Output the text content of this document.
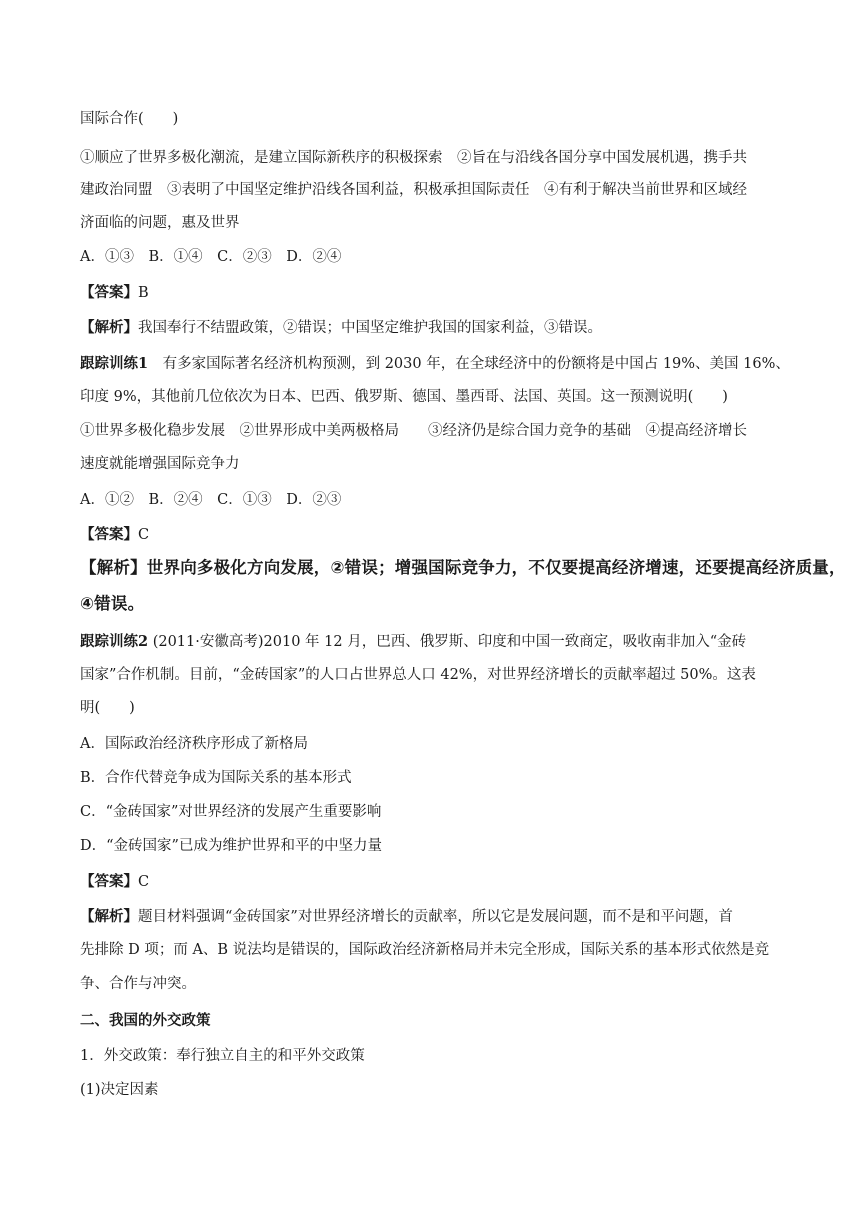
国际合作(　　)
①顺应了世界多极化潮流，是建立国际新秩序的积极探索　②旨在与沿线各国分享中国发展机遇，携手共
建政治同盟　③表明了中国坚定维护沿线各国利益，积极承担国际责任　④有利于解决当前世界和区域经
济面临的问题，惠及世界
A．①③　B．①④　C．②③　D．②④
【答案】B
【解析】我国奉行不结盟政策，②错误；中国坚定维护我国的国家利益，③错误。
跟踪训练1　有多家国际著名经济机构预测，到 2030 年，在全球经济中的份额将是中国占 19%、美国 16%、
印度 9%，其他前几位依次为日本、巴西、俄罗斯、德国、墨西哥、法国、英国。这一预测说明(　　)
①世界多极化稳步发展　②世界形成中美两极格局　　③经济仍是综合国力竞争的基础　④提高经济增长
速度就能增强国际竞争力
A．①②　B．②④　C．①③　D．②③
【答案】C
【解析】世界向多极化方向发展，②错误；增强国际竞争力，不仅要提高经济增速，还要提高经济质量，
④错误。
跟踪训练2 (2011·安徽高考)2010 年 12 月，巴西、俄罗斯、印度和中国一致商定，吸收南非加入“金砖
国家”合作机制。目前，“金砖国家”的人口占世界总人口 42%，对世界经济增长的贡献率超过 50%。这表
明(　　)
A．国际政治经济秩序形成了新格局
B．合作代替竞争成为国际关系的基本形式
C．“金砖国家”对世界经济的发展产生重要影响
D．“金砖国家”已成为维护世界和平的中坚力量
【答案】C
【解析】题目材料强调“金砖国家”对世界经济增长的贡献率，所以它是发展问题，而不是和平问题，首
先排除 D 项；而 A、B 说法均是错误的，国际政治经济新格局并未完全形成，国际关系的基本形式依然是竞
争、合作与冲突。
二、我国的外交政策
1．外交政策：奉行独立自主的和平外交政策
(1)决定因素
